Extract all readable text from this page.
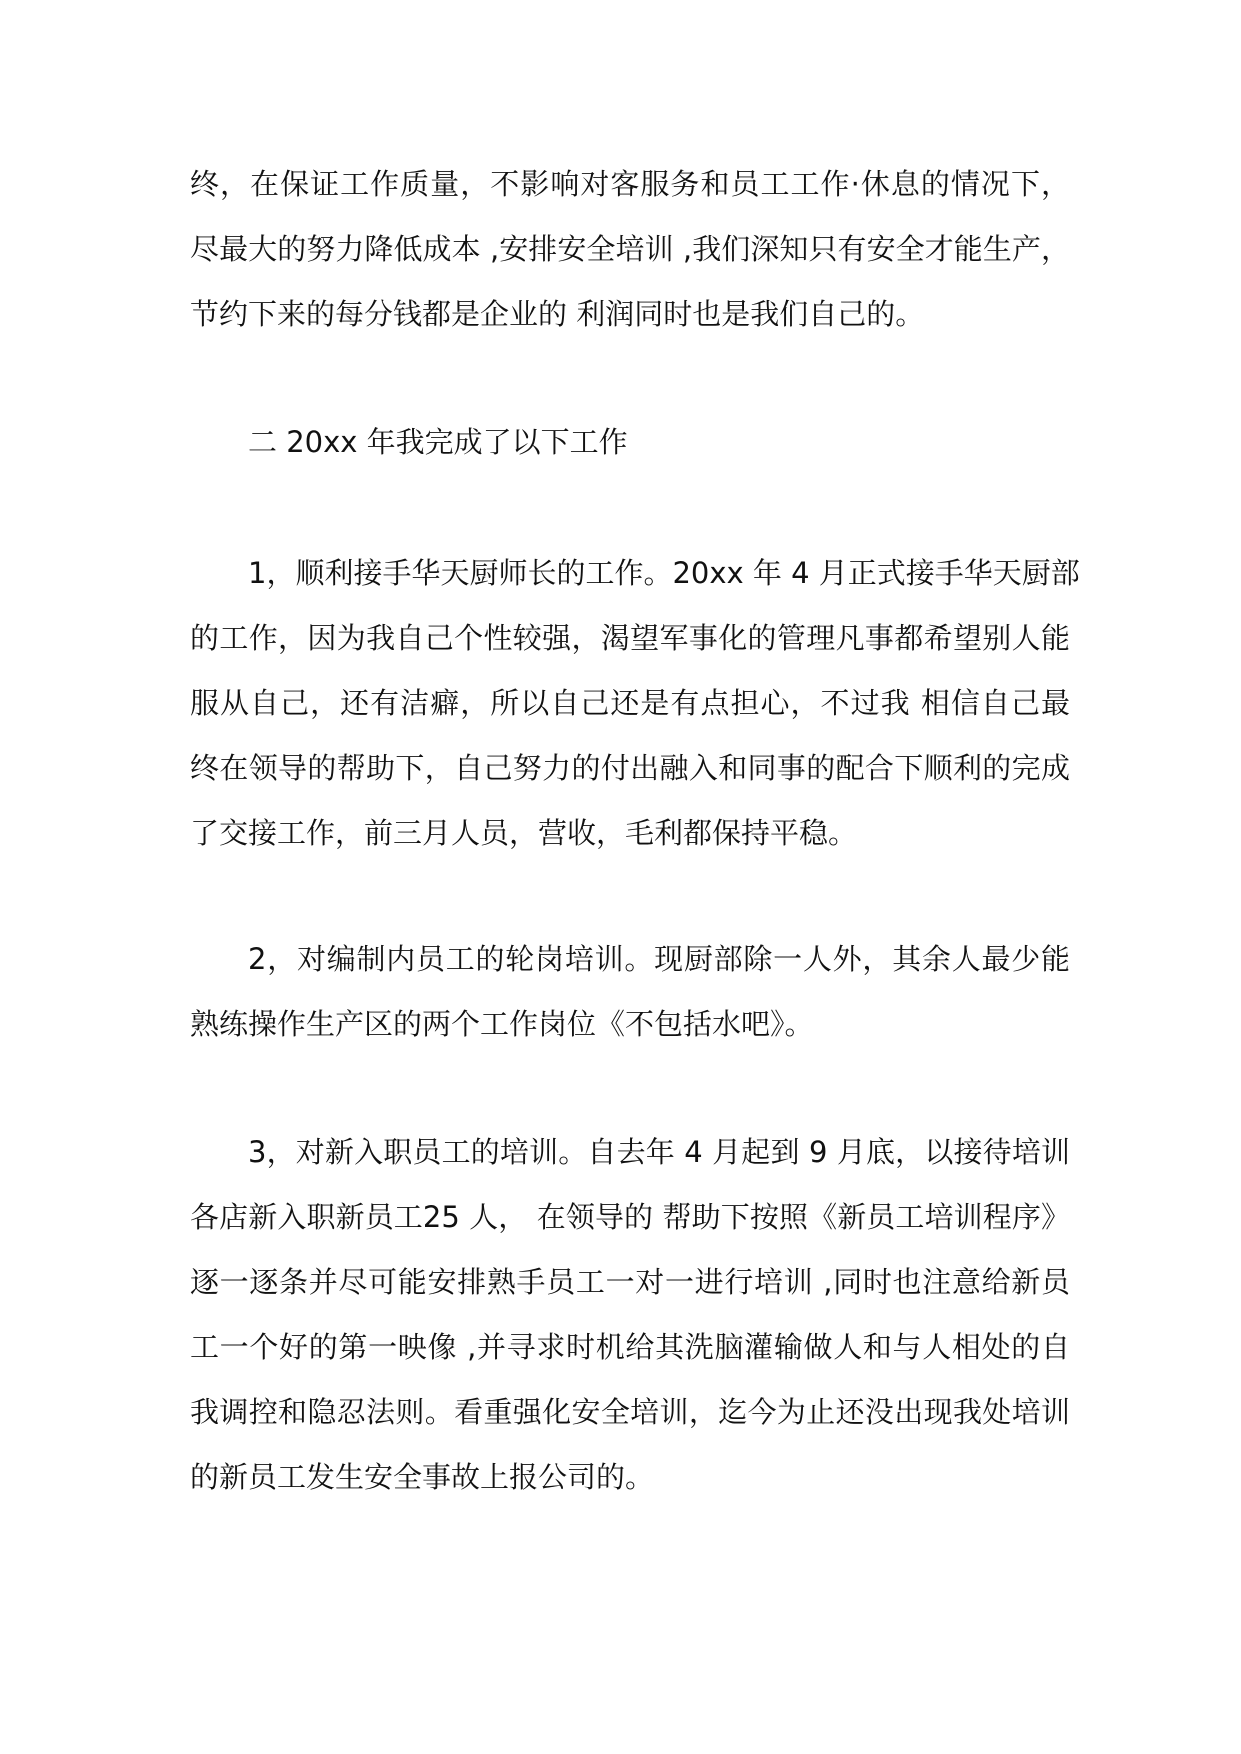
终，在保证工作质量，不影响对客服务和员工工作·休息的情况下，
尽最大的努力降低成本 ,安排安全培训 ,我们深知只有安全才能生产，
节约下来的每分钱都是企业的 利润同时也是我们自己的。
二 20xx 年我完成了以下工作
1，顺利接手华天厨师长的工作。20xx 年 4 月正式接手华天厨部
的工作，因为我自己个性较强，渴望军事化的管理凡事都希望别人能
服从自己，还有洁癖，所以自己还是有点担心，不过我 相信自己最
终在领导的帮助下，自己努力的付出融入和同事的配合下顺利的完成
了交接工作，前三月人员，营收，毛利都保持平稳。
2，对编制内员工的轮岗培训。现厨部除一人外，其余人最少能
熟练操作生产区的两个工作岗位《不包括水吧》。
3，对新入职员工的培训。自去年 4 月起到 9 月底，以接待培训
各店新入职新员工25 人， 在领导的 帮助下按照《新员工培训程序》
逐一逐条并尽可能安排熟手员工一对一进行培训 ,同时也注意给新员
工一个好的第一映像 ,并寻求时机给其洗脑灌输做人和与人相处的自
我调控和隐忍法则。看重强化安全培训，迄今为止还没出现我处培训
的新员工发生安全事故上报公司的。
